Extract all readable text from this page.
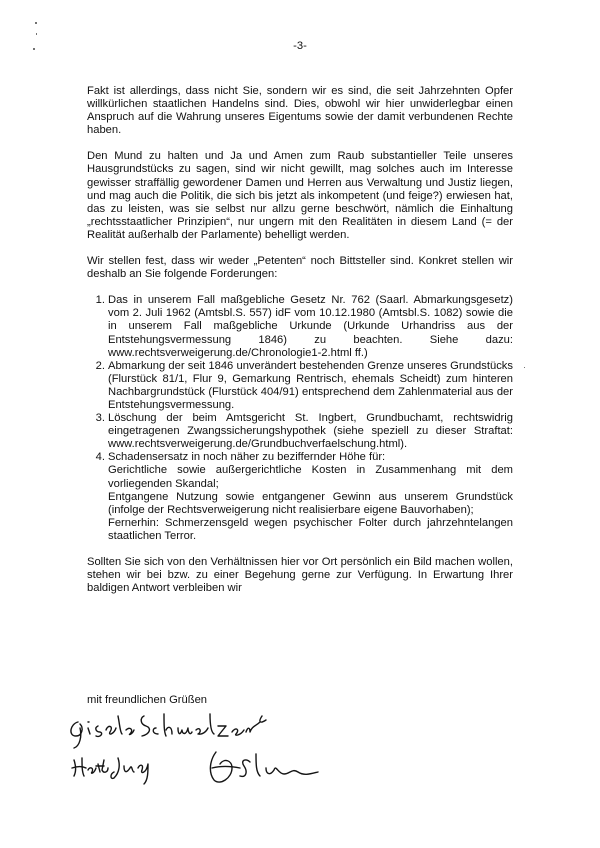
-3-

Fakt ist allerdings, dass nicht Sie, sondern wir es sind, die seit Jahrzehnten Opfer willkürlichen staatlichen Handelns sind. Dies, obwohl wir hier unwiderlegbar einen Anspruch auf die Wahrung unseres Eigentums sowie der damit verbundenen Rechte haben.

Den Mund zu halten und Ja und Amen zum Raub substantieller Teile unseres Hausgrundstücks zu sagen, sind wir nicht gewillt, mag solches auch im Interesse gewisser straffällig gewordener Damen und Herren aus Verwaltung und Justiz liegen, und mag auch die Politik, die sich bis jetzt als inkompetent (und feige?) erwiesen hat, das zu leisten, was sie selbst nur allzu gerne beschwört, nämlich die Einhaltung „rechtsstaatlicher Prinzipien“, nur ungern mit den Realitäten in diesem Land (= der Realität außerhalb der Parlamente) behelligt werden.

Wir stellen fest, dass wir weder „Petenten“ noch Bittsteller sind. Konkret stellen wir deshalb an Sie folgende Forderungen:

1. Das in unserem Fall maßgebliche Gesetz Nr. 762 (Saarl. Abmarkungsgesetz) vom 2. Juli 1962 (Amtsbl.S. 557) idF vom 10.12.1980 (Amtsbl.S. 1082) sowie die in unserem Fall maßgebliche Urkunde (Urkunde Urhandriss aus der Entstehungsvermessung 1846) zu beachten. Siehe dazu: www.rechtsverweigerung.de/Chronologie1-2.html ff.)
2. Abmarkung der seit 1846 unverändert bestehenden Grenze unseres Grundstücks (Flurstück 81/1, Flur 9, Gemarkung Rentrisch, ehemals Scheidt) zum hinteren Nachbargrundstück (Flurstück 404/91) entsprechend dem Zahlenmaterial aus der Entstehungsvermessung.
3. Löschung der beim Amtsgericht St. Ingbert, Grundbuchamt, rechtswidrig eingetragenen Zwangssicherungshypothek (siehe speziell zu dieser Straftat: www.rechtsverweigerung.de/Grundbuchverfaelschung.html).
4. Schadensersatz in noch näher zu beziffernder Höhe für:
Gerichtliche sowie außergerichtliche Kosten in Zusammenhang mit dem vorliegenden Skandal;
Entgangene Nutzung sowie entgangener Gewinn aus unserem Grundstück (infolge der Rechtsverweigerung nicht realisierbare eigene Bauvorhaben);
Fernerhin: Schmerzensgeld wegen psychischer Folter durch jahrzehntelangen staatlichen Terror.

Sollten Sie sich von den Verhältnissen hier vor Ort persönlich ein Bild machen wollen, stehen wir bei bzw. zu einer Begehung gerne zur Verfügung. In Erwartung Ihrer baldigen Antwort verbleiben wir

mit freundlichen Grüßen
